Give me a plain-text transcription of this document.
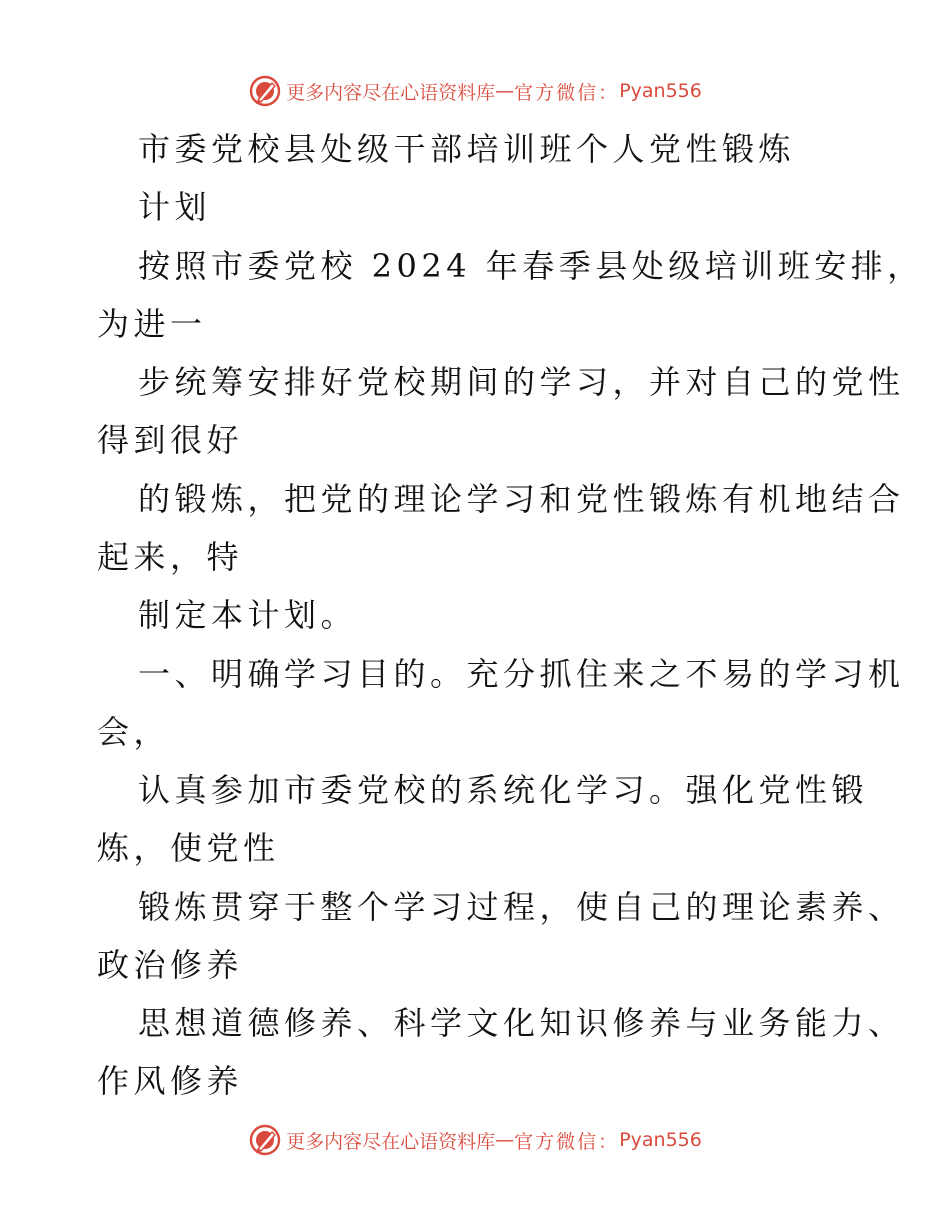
更多内容尽在心语资料库 — 官方微信： Pyan556
市委党校县处级干部培训班个人党性锻炼
计划
按照市委党校 2024 年春季县处级培训班安排，
为进一
步统筹安排好党校期间的学习，并对自己的党性
得到很好
的锻炼，把党的理论学习和党性锻炼有机地结合
起来，特
制定本计划。
一、明确学习目的。充分抓住来之不易的学习机
会，
认真参加市委党校的系统化学习。强化党性锻
炼，使党性
锻炼贯穿于整个学习过程，使自己的理论素养、
政治修养
思想道德修养、科学文化知识修养与业务能力、
作风修养
更多内容尽在心语资料库 — 官方微信： Pyan556
